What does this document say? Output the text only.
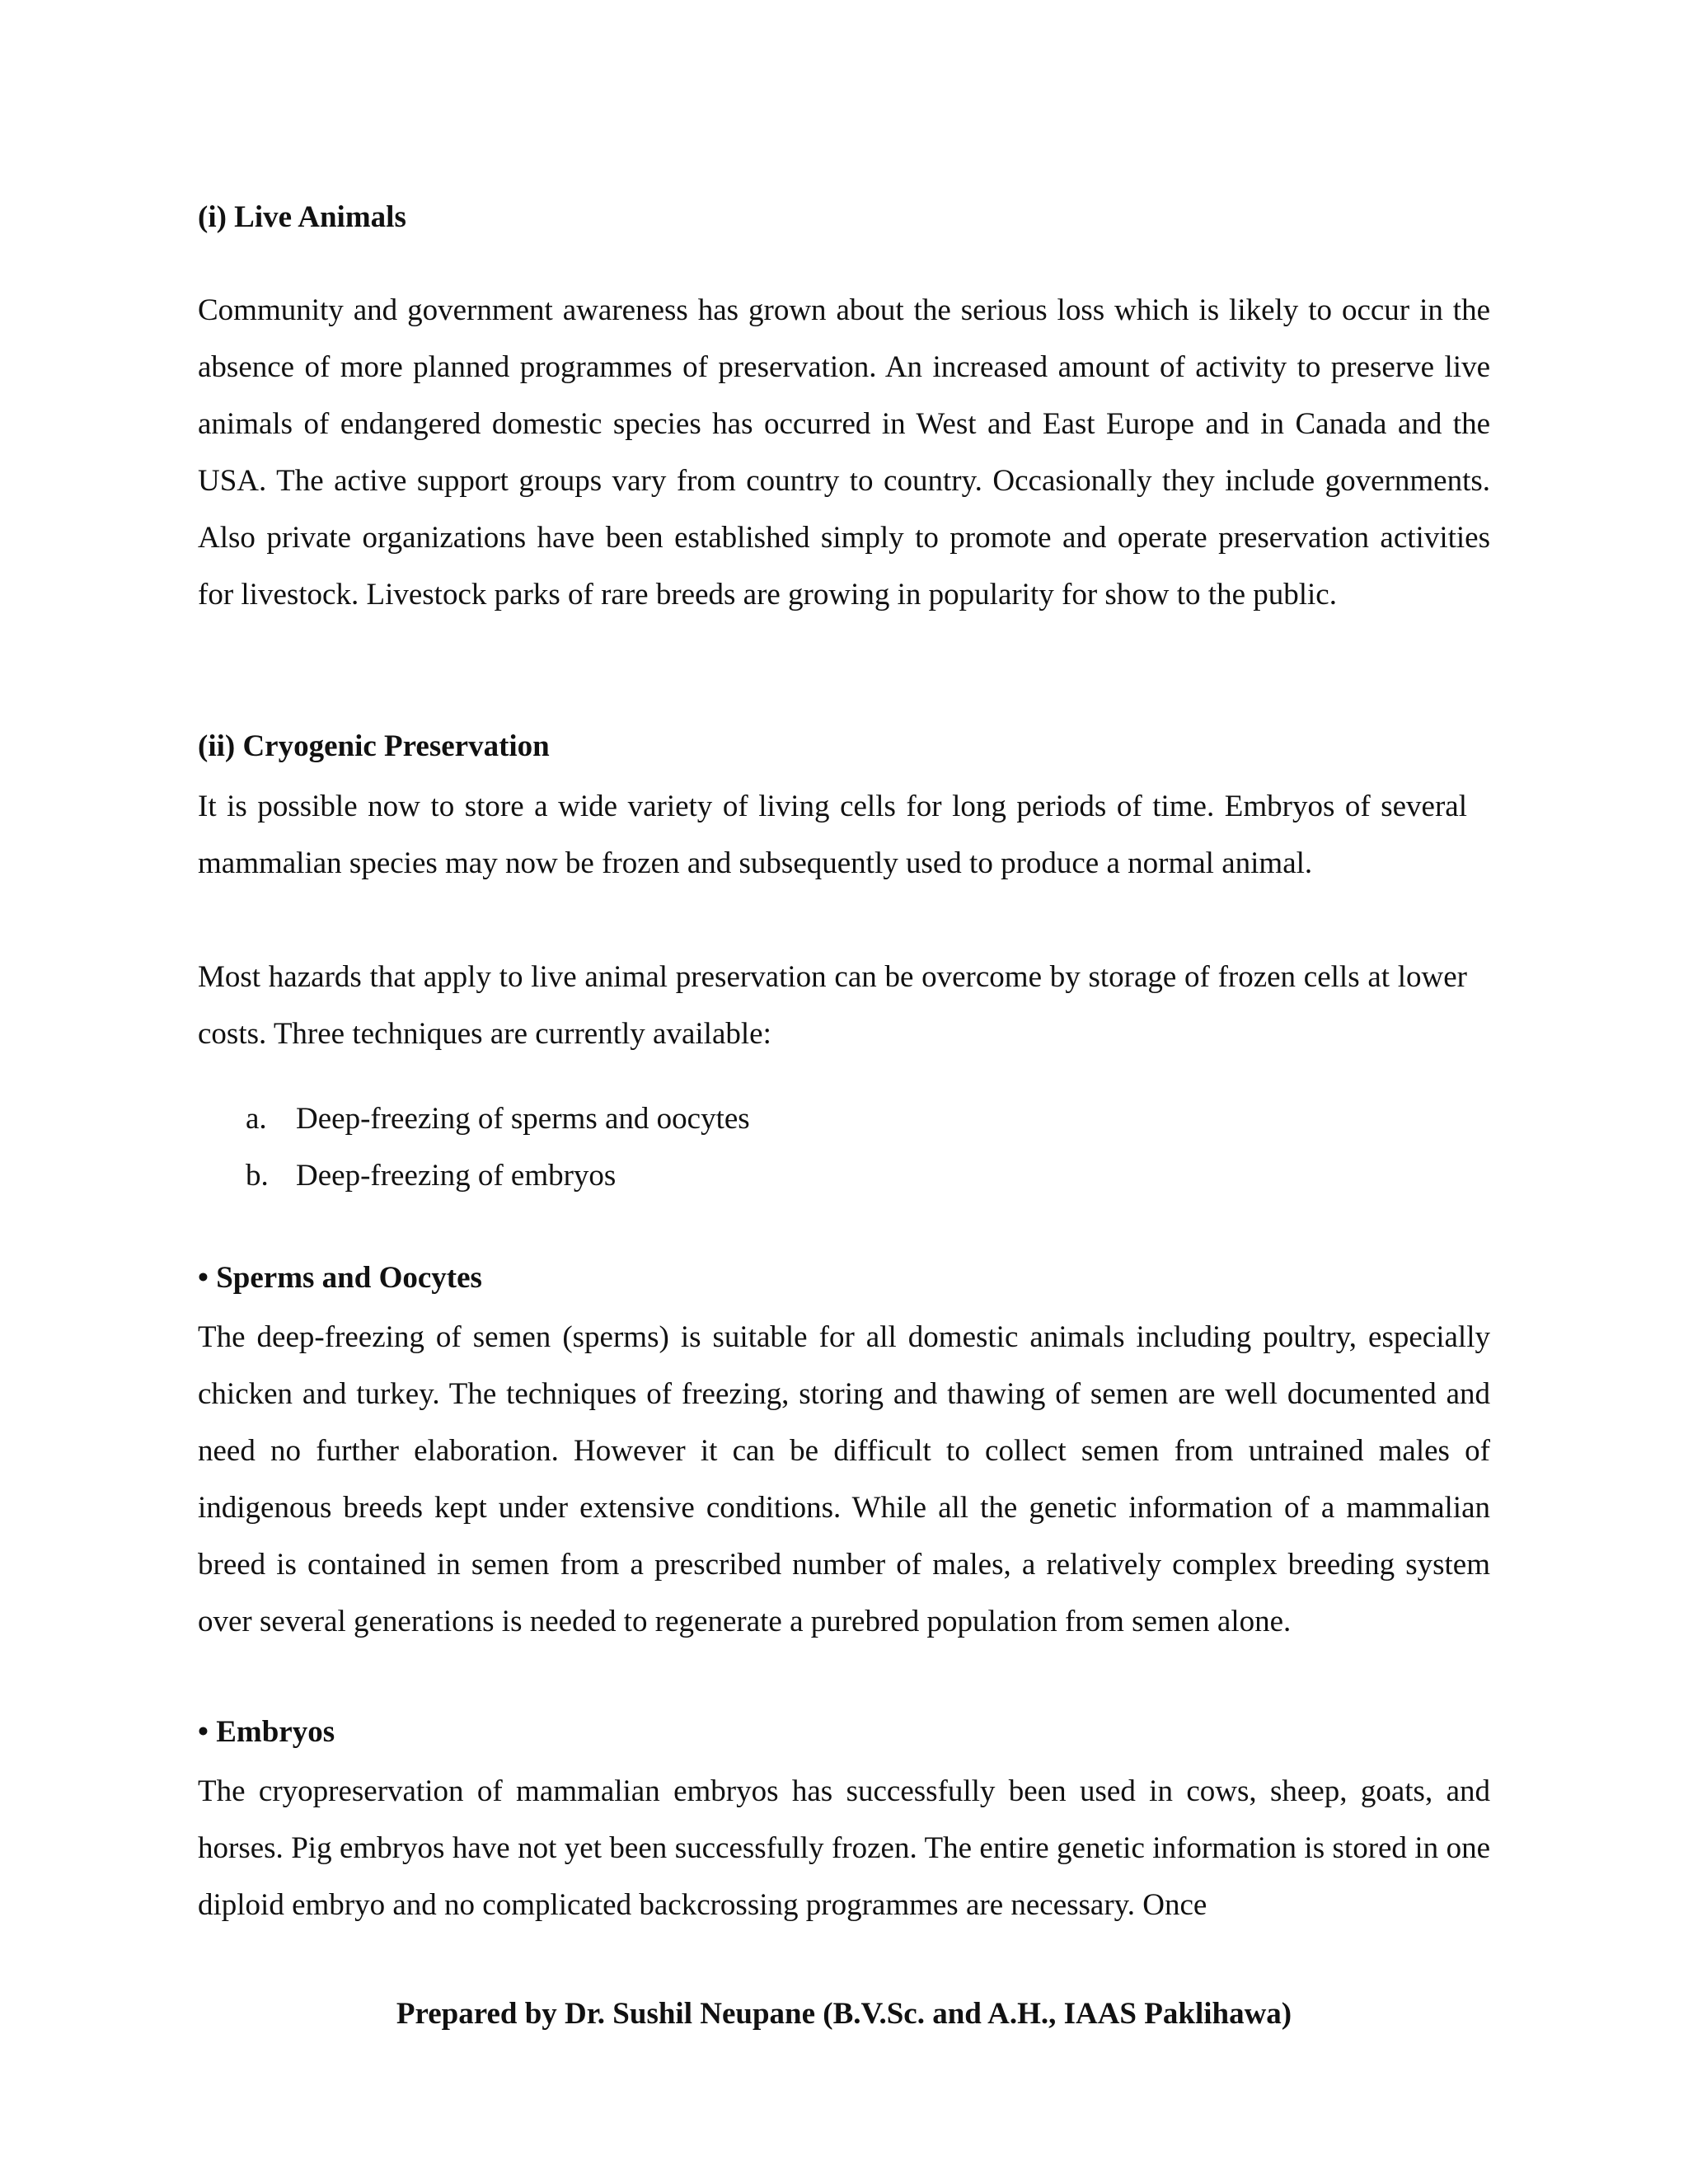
(i) Live Animals

Community and government awareness has grown about the serious loss which is likely to occur in the absence of more planned programmes of preservation. An increased amount of activity to preserve live animals of endangered domestic species has occurred in West and East Europe and in Canada and the USA. The active support groups vary from country to country. Occasionally they include governments. Also private organizations have been established simply to promote and operate preservation activities for livestock. Livestock parks of rare breeds are growing in popularity for show to the public.

(ii) Cryogenic Preservation

It is possible now to store a wide variety of living cells for long periods of time. Embryos of several mammalian species may now be frozen and subsequently used to produce a normal animal.

Most hazards that apply to live animal preservation can be overcome by storage of frozen cells at lower costs. Three techniques are currently available:

a. Deep-freezing of sperms and oocytes
b. Deep-freezing of embryos
• Sperms and Oocytes

The deep-freezing of semen (sperms) is suitable for all domestic animals including poultry, especially chicken and turkey. The techniques of freezing, storing and thawing of semen are well documented and need no further elaboration. However it can be difficult to collect semen from untrained males of indigenous breeds kept under extensive conditions. While all the genetic information of a mammalian breed is contained in semen from a prescribed number of males, a relatively complex breeding system over several generations is needed to regenerate a purebred population from semen alone.

• Embryos

The cryopreservation of mammalian embryos has successfully been used in cows, sheep, goats, and horses. Pig embryos have not yet been successfully frozen. The entire genetic information is stored in one diploid embryo and no complicated backcrossing programmes are necessary. Once

Prepared by Dr. Sushil Neupane (B.V.Sc. and A.H., IAAS Paklihawa)
